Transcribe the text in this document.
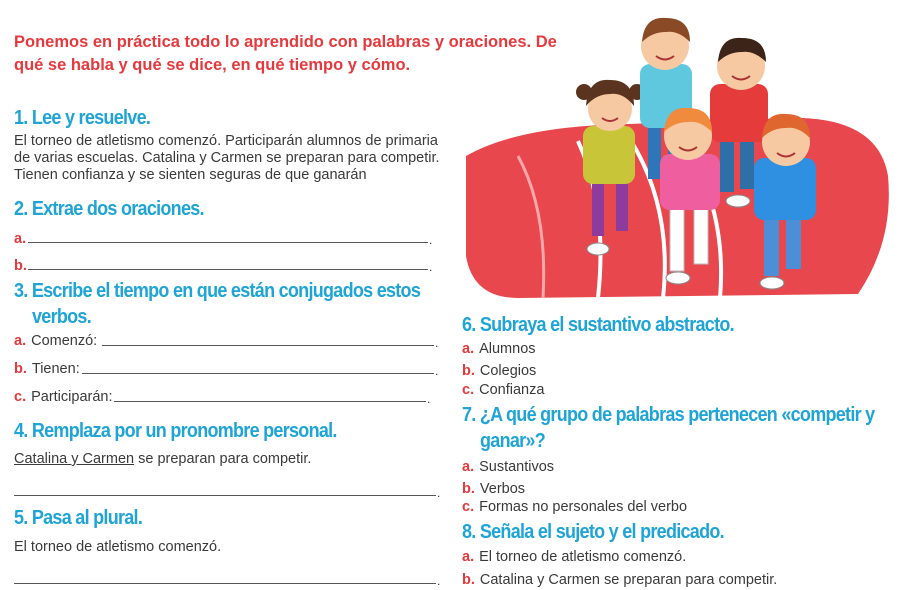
Ponemos en práctica todo lo aprendido con palabras y oraciones. De qué se habla y qué se dice, en qué tiempo y cómo.
1. Lee y resuelve.
El torneo de atletismo comenzó. Participarán alumnos de primaria de varias escuelas. Catalina y Carmen se preparan para competir. Tienen confianza y se sienten seguras de que ganarán
2. Extrae dos oraciones.
a.	.
b.	.
3. Escribe el tiempo en que están conjugados estos
verbos.
a. Comenzó:	.
b. Tienen:	.
c. Participarán:	.
4. Remplaza por un pronombre personal.
Catalina y Carmen se preparan para competir.
.
5. Pasa al plural.
El torneo de atletismo comenzó.
.
6. Subraya el sustantivo abstracto.
a. Alumnos
b. Colegios
c. Confianza
7. ¿A qué grupo de palabras pertenecen «competir y
ganar»?
a. Sustantivos
b. Verbos
c. Formas no personales del verbo
8. Señala el sujeto y el predicado.
a. El torneo de atletismo comenzó.
b. Catalina y Carmen se preparan para competir.
